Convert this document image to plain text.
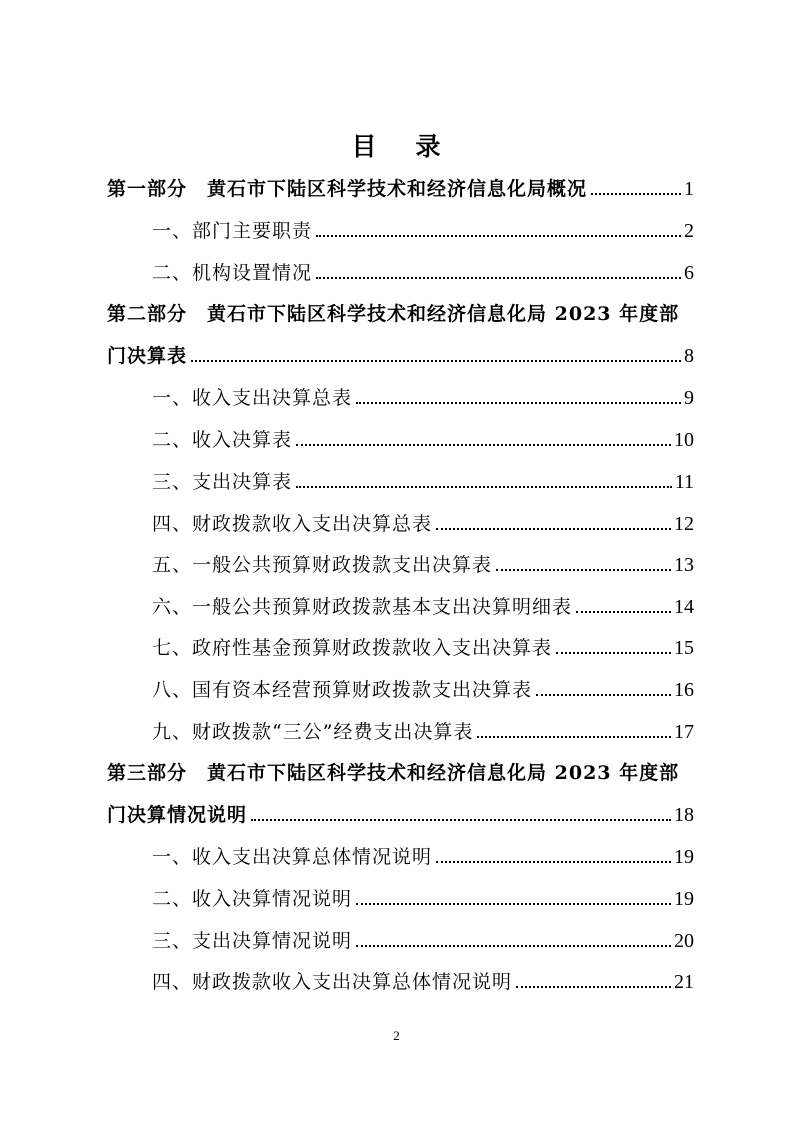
目 录
第一部分 黄石市下陆区科学技术和经济信息化局概况	1
一、部门主要职责	2
二、机构设置情况	6
第二部分 黄石市下陆区科学技术和经济信息化局 2023 年度部
门决算表	8
一、收入支出决算总表	9
二、收入决算表	10
三、支出决算表	11
四、财政拨款收入支出决算总表	12
五、一般公共预算财政拨款支出决算表	13
六、一般公共预算财政拨款基本支出决算明细表	14
七、政府性基金预算财政拨款收入支出决算表	15
八、国有资本经营预算财政拨款支出决算表	16
九、财政拨款“三公”经费支出决算表	17
第三部分 黄石市下陆区科学技术和经济信息化局 2023 年度部
门决算情况说明	18
一、收入支出决算总体情况说明	19
二、收入决算情况说明	19
三、支出决算情况说明	20
四、财政拨款收入支出决算总体情况说明	21
2
